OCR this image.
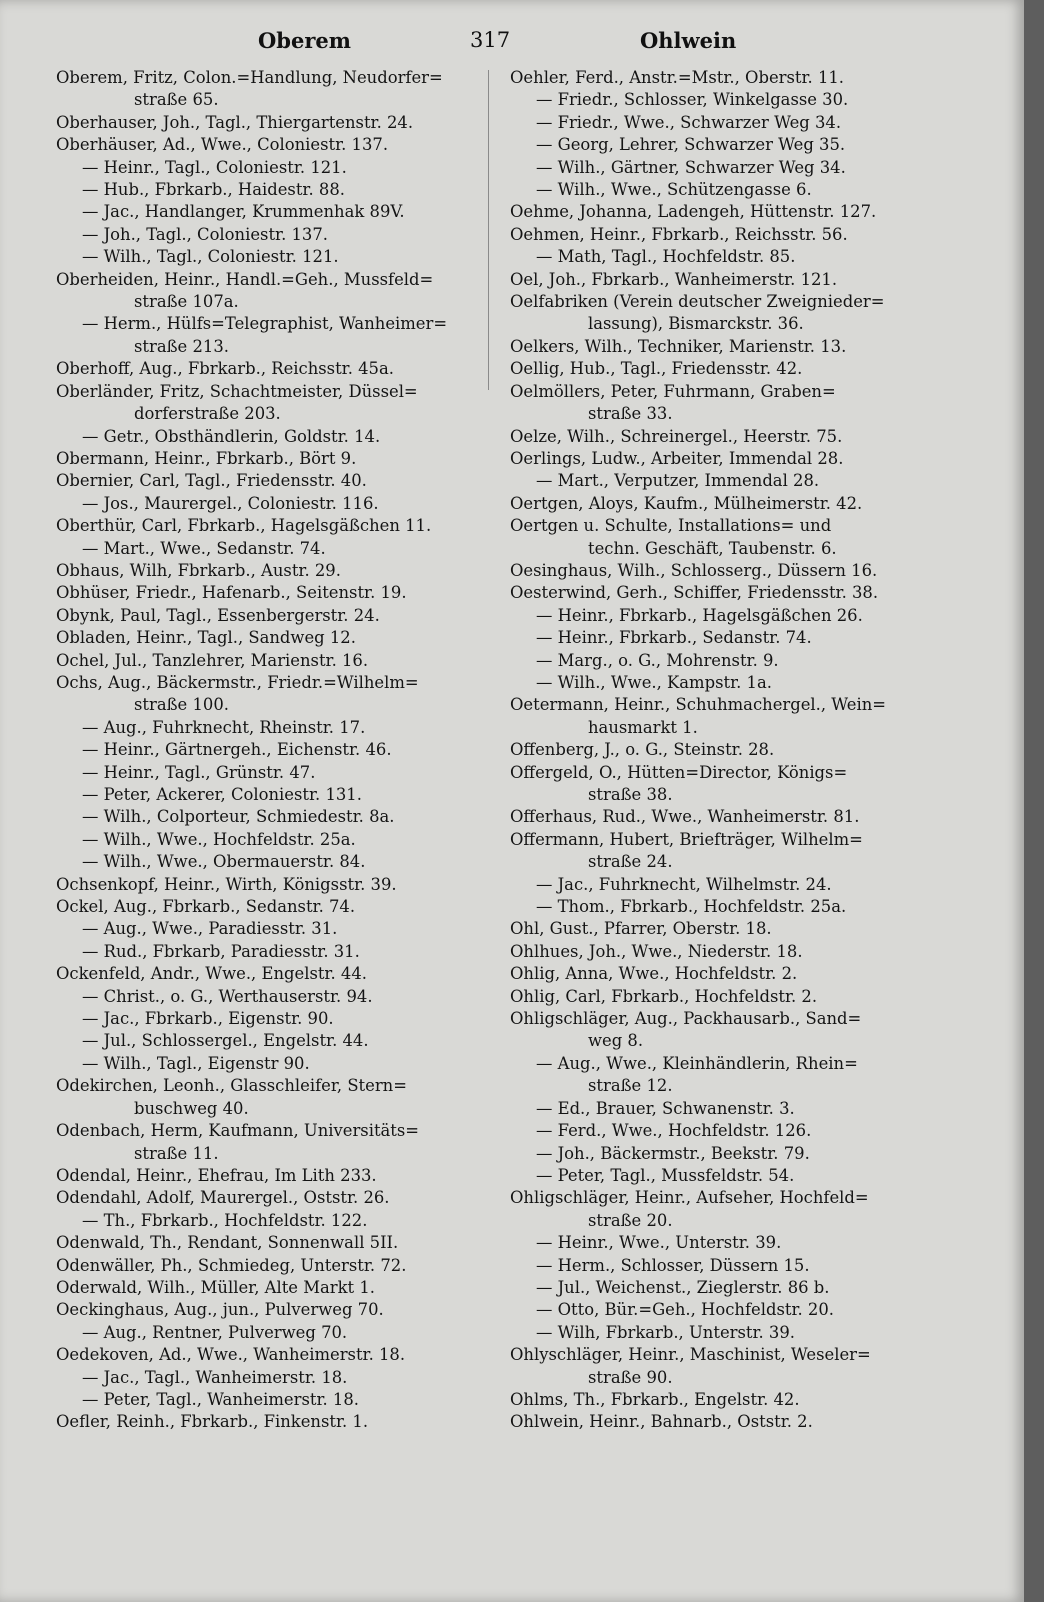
Oberem	317	Ohlwein
Oberem, Fritz, Colon.=Handlung, Neudorfer=
straße 65.
Oberhauser, Joh., Tagl., Thiergartenstr. 24.
Oberhäuser, Ad., Wwe., Coloniestr. 137.
— Heinr., Tagl., Coloniestr. 121.
— Hub., Fbrkarb., Haidestr. 88.
— Jac., Handlanger, Krummenhak 89V.
— Joh., Tagl., Coloniestr. 137.
— Wilh., Tagl., Coloniestr. 121.
Oberheiden, Heinr., Handl.=Geh., Mussfeld=
straße 107a.
— Herm., Hülfs=Telegraphist, Wanheimer=
straße 213.
Oberhoff, Aug., Fbrkarb., Reichsstr. 45a.
Oberländer, Fritz, Schachtmeister, Düssel=
dorferstraße 203.
— Getr., Obsthändlerin, Goldstr. 14.
Obermann, Heinr., Fbrkarb., Bört 9.
Obernier, Carl, Tagl., Friedensstr. 40.
— Jos., Maurergel., Coloniestr. 116.
Oberthür, Carl, Fbrkarb., Hagelsgäßchen 11.
— Mart., Wwe., Sedanstr. 74.
Obhaus, Wilh, Fbrkarb., Austr. 29.
Obhüser, Friedr., Hafenarb., Seitenstr. 19.
Obynk, Paul, Tagl., Essenbergerstr. 24.
Obladen, Heinr., Tagl., Sandweg 12.
Ochel, Jul., Tanzlehrer, Marienstr. 16.
Ochs, Aug., Bäckermstr., Friedr.=Wilhelm=
straße 100.
— Aug., Fuhrknecht, Rheinstr. 17.
— Heinr., Gärtnergeh., Eichenstr. 46.
— Heinr., Tagl., Grünstr. 47.
— Peter, Ackerer, Coloniestr. 131.
— Wilh., Colporteur, Schmiedestr. 8a.
— Wilh., Wwe., Hochfeldstr. 25a.
— Wilh., Wwe., Obermauerstr. 84.
Ochsenkopf, Heinr., Wirth, Königsstr. 39.
Ockel, Aug., Fbrkarb., Sedanstr. 74.
— Aug., Wwe., Paradiesstr. 31.
— Rud., Fbrkarb, Paradiesstr. 31.
Ockenfeld, Andr., Wwe., Engelstr. 44.
— Christ., o. G., Werthauserstr. 94.
— Jac., Fbrkarb., Eigenstr. 90.
— Jul., Schlossergel., Engelstr. 44.
— Wilh., Tagl., Eigenstr 90.
Odekirchen, Leonh., Glasschleifer, Stern=
buschweg 40.
Odenbach, Herm, Kaufmann, Universitäts=
straße 11.
Odendal, Heinr., Ehefrau, Im Lith 233.
Odendahl, Adolf, Maurergel., Oststr. 26.
— Th., Fbrkarb., Hochfeldstr. 122.
Odenwald, Th., Rendant, Sonnenwall 5II.
Odenwäller, Ph., Schmiedeg, Unterstr. 72.
Oderwald, Wilh., Müller, Alte Markt 1.
Oeckinghaus, Aug., jun., Pulverweg 70.
— Aug., Rentner, Pulverweg 70.
Oedekoven, Ad., Wwe., Wanheimerstr. 18.
— Jac., Tagl., Wanheimerstr. 18.
— Peter, Tagl., Wanheimerstr. 18.
Oefler, Reinh., Fbrkarb., Finkenstr. 1.
Oehler, Ferd., Anstr.=Mstr., Oberstr. 11.
— Friedr., Schlosser, Winkelgasse 30.
— Friedr., Wwe., Schwarzer Weg 34.
— Georg, Lehrer, Schwarzer Weg 35.
— Wilh., Gärtner, Schwarzer Weg 34.
— Wilh., Wwe., Schützengasse 6.
Oehme, Johanna, Ladengeh, Hüttenstr. 127.
Oehmen, Heinr., Fbrkarb., Reichsstr. 56.
— Math, Tagl., Hochfeldstr. 85.
Oel, Joh., Fbrkarb., Wanheimerstr. 121.
Oelfabriken (Verein deutscher Zweignieder=
lassung), Bismarckstr. 36.
Oelkers, Wilh., Techniker, Marienstr. 13.
Oellig, Hub., Tagl., Friedensstr. 42.
Oelmöllers, Peter, Fuhrmann, Graben=
straße 33.
Oelze, Wilh., Schreinergel., Heerstr. 75.
Oerlings, Ludw., Arbeiter, Immendal 28.
— Mart., Verputzer, Immendal 28.
Oertgen, Aloys, Kaufm., Mülheimerstr. 42.
Oertgen u. Schulte, Installations= und
techn. Geschäft, Taubenstr. 6.
Oesinghaus, Wilh., Schlosserg., Düssern 16.
Oesterwind, Gerh., Schiffer, Friedensstr. 38.
— Heinr., Fbrkarb., Hagelsgäßchen 26.
— Heinr., Fbrkarb., Sedanstr. 74.
— Marg., o. G., Mohrenstr. 9.
— Wilh., Wwe., Kampstr. 1a.
Oetermann, Heinr., Schuhmachergel., Wein=
hausmarkt 1.
Offenberg, J., o. G., Steinstr. 28.
Offergeld, O., Hütten=Director, Königs=
straße 38.
Offerhaus, Rud., Wwe., Wanheimerstr. 81.
Offermann, Hubert, Briefträger, Wilhelm=
straße 24.
— Jac., Fuhrknecht, Wilhelmstr. 24.
— Thom., Fbrkarb., Hochfeldstr. 25a.
Ohl, Gust., Pfarrer, Oberstr. 18.
Ohlhues, Joh., Wwe., Niederstr. 18.
Ohlig, Anna, Wwe., Hochfeldstr. 2.
Ohlig, Carl, Fbrkarb., Hochfeldstr. 2.
Ohligschläger, Aug., Packhausarb., Sand=
weg 8.
— Aug., Wwe., Kleinhändlerin, Rhein=
straße 12.
— Ed., Brauer, Schwanenstr. 3.
— Ferd., Wwe., Hochfeldstr. 126.
— Joh., Bäckermstr., Beekstr. 79.
— Peter, Tagl., Mussfeldstr. 54.
Ohligschläger, Heinr., Aufseher, Hochfeld=
straße 20.
— Heinr., Wwe., Unterstr. 39.
— Herm., Schlosser, Düssern 15.
— Jul., Weichenst., Zieglerstr. 86 b.
— Otto, Bür.=Geh., Hochfeldstr. 20.
— Wilh, Fbrkarb., Unterstr. 39.
Ohlyschläger, Heinr., Maschinist, Weseler=
straße 90.
Ohlms, Th., Fbrkarb., Engelstr. 42.
Ohlwein, Heinr., Bahnarb., Oststr. 2.
